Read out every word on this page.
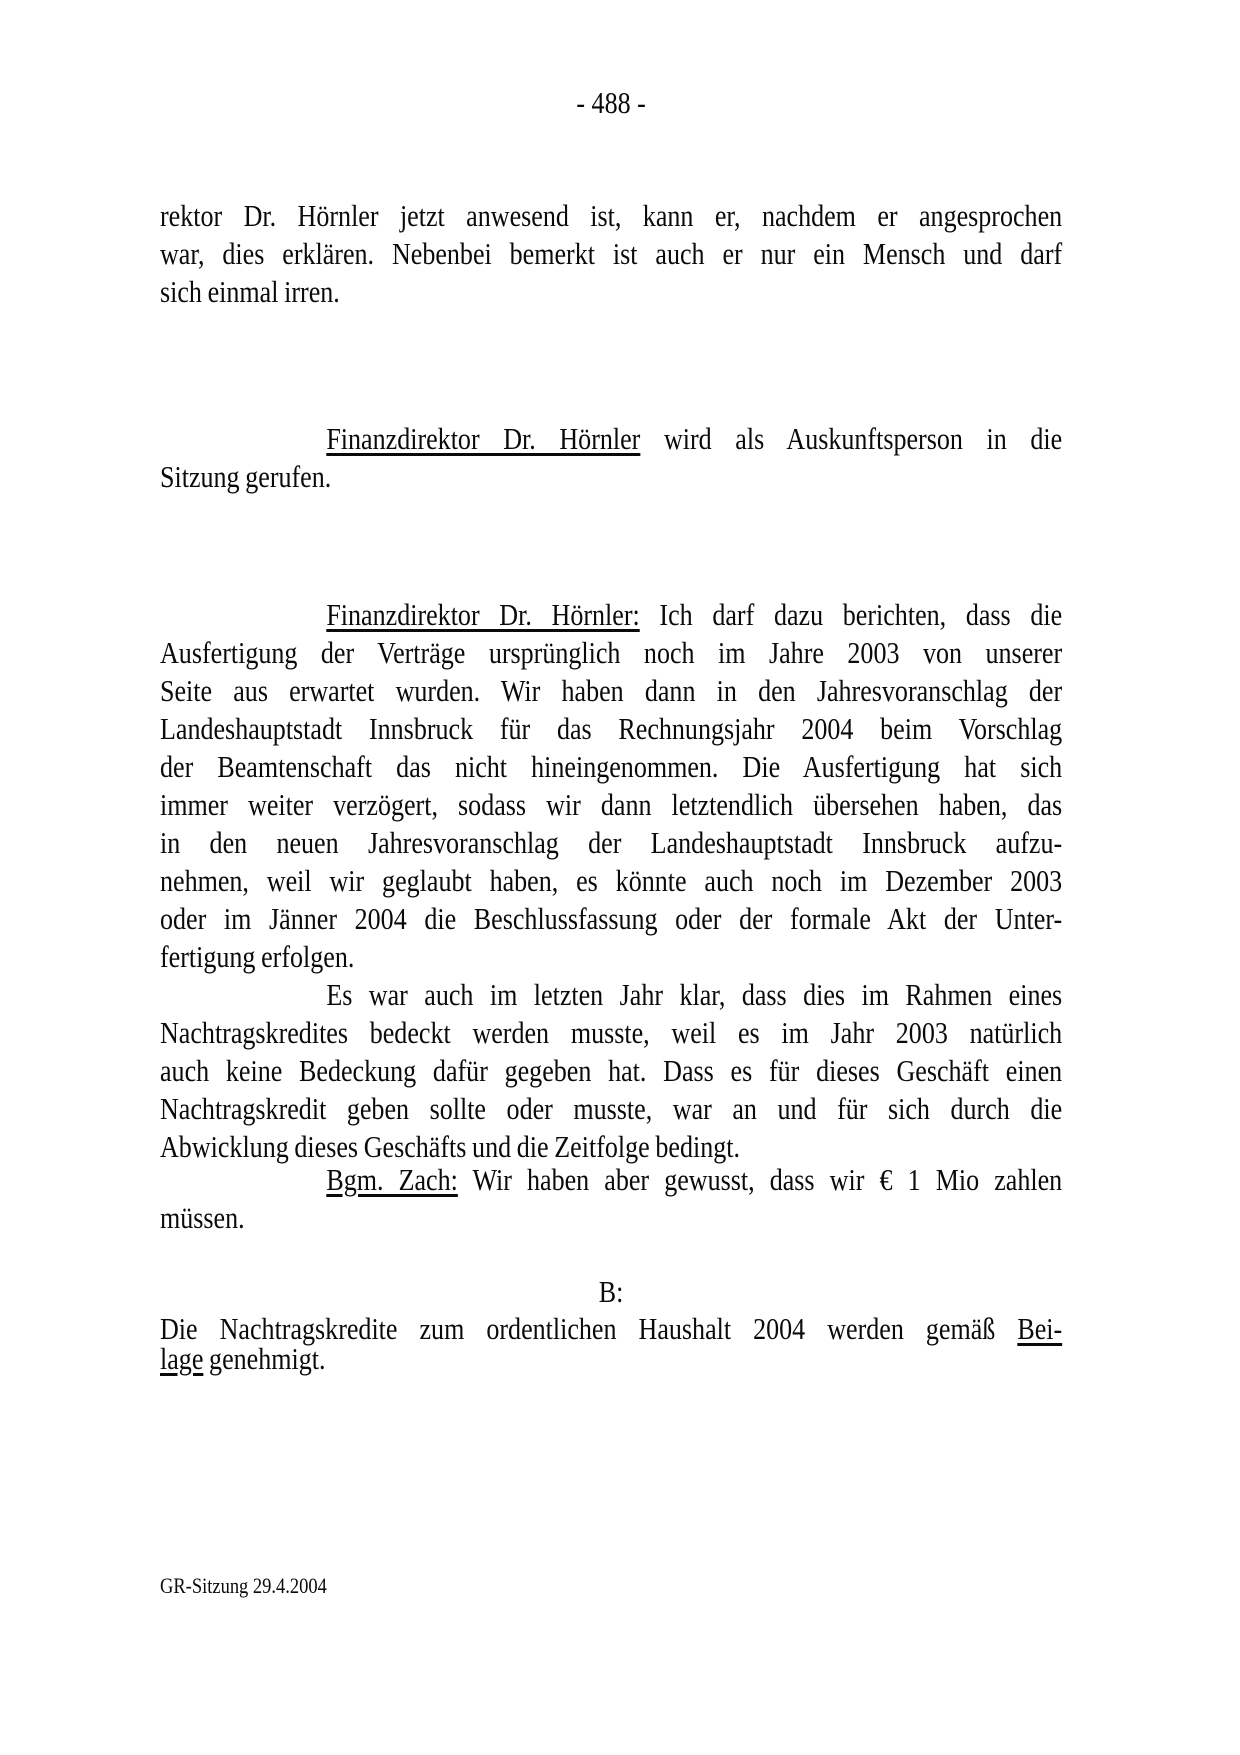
- 488 -
rektor Dr. Hörnler jetzt anwesend ist, kann er, nachdem er angesprochen
war, dies erklären. Nebenbei bemerkt ist auch er nur ein Mensch und darf
sich einmal irren.
Finanzdirektor Dr. Hörnler wird als Auskunftsperson in die
Sitzung gerufen.
Finanzdirektor Dr. Hörnler: Ich darf dazu berichten, dass die
Ausfertigung der Verträge ursprünglich noch im Jahre 2003 von unserer
Seite aus erwartet wurden. Wir haben dann in den Jahresvoranschlag der
Landeshauptstadt Innsbruck für das Rechnungsjahr 2004 beim Vorschlag
der Beamtenschaft das nicht hineingenommen. Die Ausfertigung hat sich
immer weiter verzögert, sodass wir dann letztendlich übersehen haben, das
in den neuen Jahresvoranschlag der Landeshauptstadt Innsbruck aufzu-
nehmen, weil wir geglaubt haben, es könnte auch noch im Dezember 2003
oder im Jänner 2004 die Beschlussfassung oder der formale Akt der Unter-
fertigung erfolgen.
Es war auch im letzten Jahr klar, dass dies im Rahmen eines
Nachtragskredites bedeckt werden musste, weil es im Jahr 2003 natürlich
auch keine Bedeckung dafür gegeben hat. Dass es für dieses Geschäft einen
Nachtragskredit geben sollte oder musste, war an und für sich durch die
Abwicklung dieses Geschäfts und die Zeitfolge bedingt.
Bgm. Zach: Wir haben aber gewusst, dass wir € 1 Mio zahlen
müssen.
B:
Die Nachtragskredite zum ordentlichen Haushalt 2004 werden gemäß Bei-
lage genehmigt.
GR-Sitzung 29.4.2004
